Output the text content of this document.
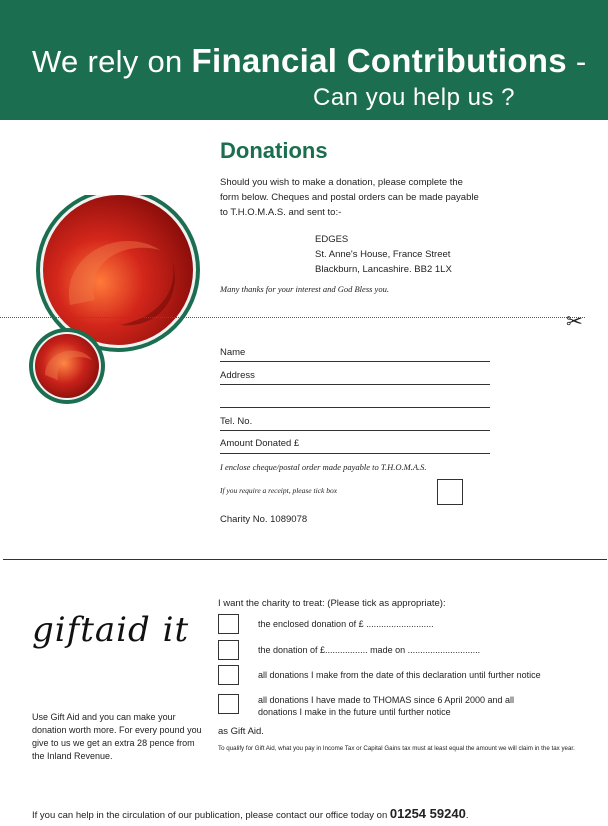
We rely on Financial Contributions -
Can you help us ?
Donations
Should you wish to make a donation, please complete the form below. Cheques and postal orders can be made payable to T.H.O.M.A.S. and sent to:-
EDGES
St. Anne's House, France Street
Blackburn, Lancashire. BB2 1LX
Many thanks for your interest and God Bless you.
✂
Name
Address
Tel. No.
Amount Donated £
I enclose cheque/postal order made payable to T.H.O.M.A.S.
If you require a receipt, please tick box
Charity No. 1089078
giftaid it
Use Gift Aid and you can make your donation worth more. For every pound you give to us we get an extra 28 pence from the Inland Revenue.
I want the charity to treat: (Please tick as appropriate):
the enclosed donation of £ ...........................
the donation of £................. made on .............................
all donations I make from the date of this declaration until further notice
all donations I have made to THOMAS since 6 April 2000 and all donations I make in the future until further notice
as Gift Aid.
To qualify for Gift Aid, what you pay in Income Tax or Capital Gains tax must at least equal the amount we will claim in the tax year.
If you can help in the circulation of our publication, please contact our office today on 01254 59240.
